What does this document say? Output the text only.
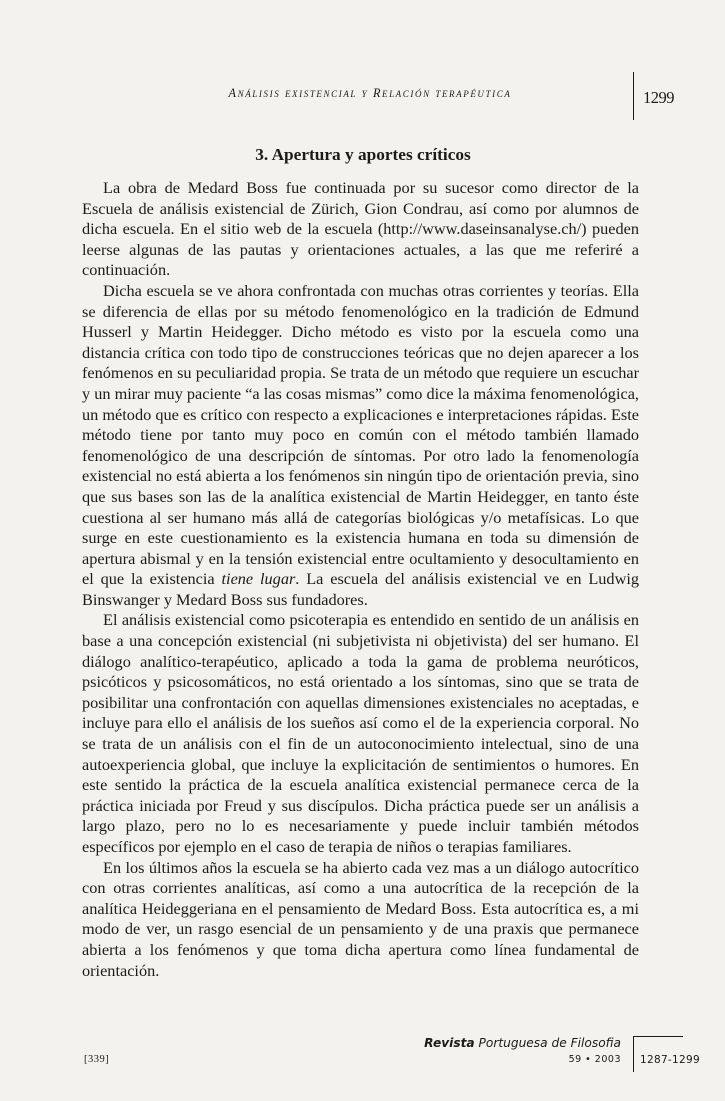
Análisis existencial y Relación terapéutica	1299
3. Apertura y aportes críticos

La obra de Medard Boss fue continuada por su sucesor como director de la Escuela de análisis existencial de Zürich, Gion Condrau, así como por alumnos de dicha escuela. En el sitio web de la escuela (http://www.daseinsanalyse.ch/) pueden leerse algunas de las pautas y orientaciones actuales, a las que me referiré a continuación.

Dicha escuela se ve ahora confrontada con muchas otras corrientes y teorías. Ella se diferencia de ellas por su método fenomenológico en la tradición de Edmund Husserl y Martin Heidegger. Dicho método es visto por la escuela como una distancia crítica con todo tipo de construcciones teóricas que no dejen aparecer a los fenómenos en su peculiaridad propia. Se trata de un método que requiere un escuchar y un mirar muy paciente “a las cosas mismas” como dice la máxima fenomenológica, un método que es crítico con respecto a explicaciones e interpretaciones rápidas. Este método tiene por tanto muy poco en común con el método también llamado fenomenológico de una descripción de síntomas. Por otro lado la fenomenología existencial no está abierta a los fenómenos sin ningún tipo de orientación previa, sino que sus bases son las de la analítica existencial de Martin Heidegger, en tanto éste cuestiona al ser humano más allá de categorías biológicas y/o metafísicas. Lo que surge en este cuestionamiento es la existencia humana en toda su dimensión de apertura abismal y en la tensión existencial entre ocultamiento y desocultamiento en el que la existencia tiene lugar. La escuela del análisis existencial ve en Ludwig Binswanger y Medard Boss sus fundadores.

El análisis existencial como psicoterapia es entendido en sentido de un análisis en base a una concepción existencial (ni subjetivista ni objetivista) del ser humano. El diálogo analítico-terapéutico, aplicado a toda la gama de problema neuróticos, psicóticos y psicosomáticos, no está orientado a los síntomas, sino que se trata de posibilitar una confrontación con aquellas dimensiones existenciales no aceptadas, e incluye para ello el análisis de los sueños así como el de la experiencia corporal. No se trata de un análisis con el fin de un autoconocimiento intelectual, sino de una autoexperiencia global, que incluye la explicitación de sentimientos o humores. En este sentido la práctica de la escuela analítica existencial permanece cerca de la práctica iniciada por Freud y sus discípulos. Dicha práctica puede ser un análisis a largo plazo, pero no lo es necesariamente y puede incluir también métodos específicos por ejemplo en el caso de terapia de niños o terapias familiares.

En los últimos años la escuela se ha abierto cada vez mas a un diálogo autocrítico con otras corrientes analíticas, así como a una autocrítica de la recepción de la analítica Heideggeriana en el pensamiento de Medard Boss. Esta autocrítica es, a mi modo de ver, un rasgo esencial de un pensamiento y de una praxis que permanece abierta a los fenómenos y que toma dicha apertura como línea fundamental de orientación.

[339]
Revista Portuguesa de Filosofia
59 • 2003 1287-1299
